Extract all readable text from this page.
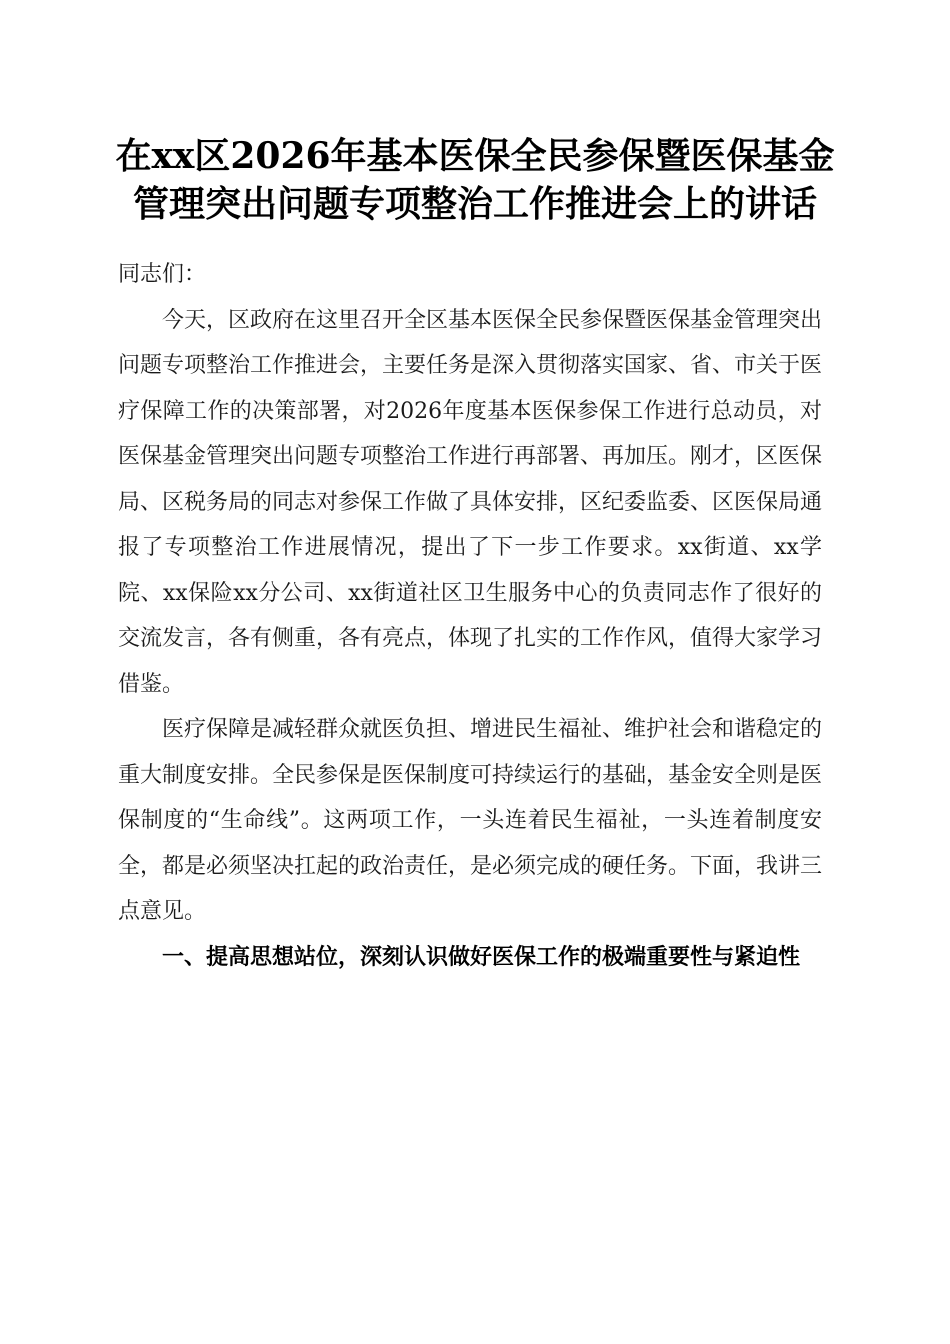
在xx区2026年基本医保全民参保暨医保基金
管理突出问题专项整治工作推进会上的讲话

同志们：

今天，区政府在这里召开全区基本医保全民参保暨医保基金管理突出问题专项整治工作推进会，主要任务是深入贯彻落实国家、省、市关于医疗保障工作的决策部署，对2026年度基本医保参保工作进行总动员，对医保基金管理突出问题专项整治工作进行再部署、再加压。刚才，区医保局、区税务局的同志对参保工作做了具体安排，区纪委监委、区医保局通报了专项整治工作进展情况，提出了下一步工作要求。xx街道、xx学院、xx保险xx分公司、xx街道社区卫生服务中心的负责同志作了很好的交流发言，各有侧重，各有亮点，体现了扎实的工作作风，值得大家学习借鉴。

医疗保障是减轻群众就医负担、增进民生福祉、维护社会和谐稳定的重大制度安排。全民参保是医保制度可持续运行的基础，基金安全则是医保制度的“生命线”。这两项工作，一头连着民生福祉，一头连着制度安全，都是必须坚决扛起的政治责任，是必须完成的硬任务。下面，我讲三点意见。

一、提高思想站位，深刻认识做好医保工作的极端重要性与紧迫性
